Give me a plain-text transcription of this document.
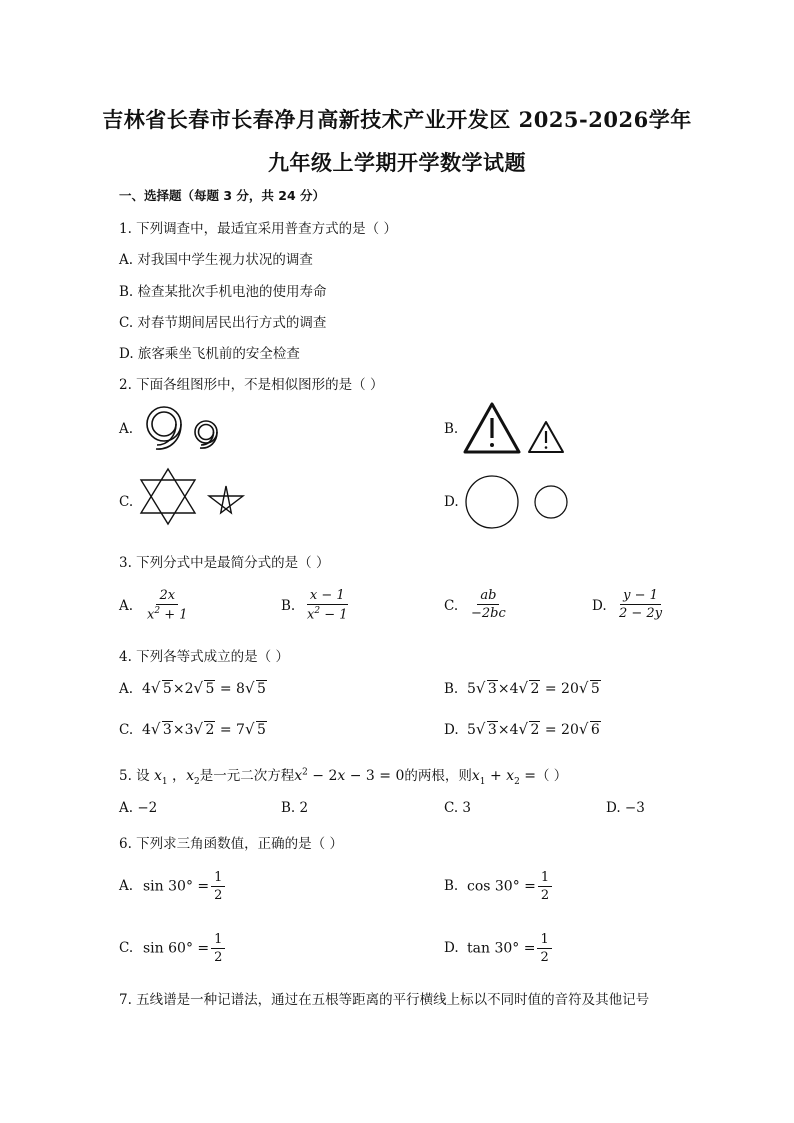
吉林省长春市长春净月高新技术产业开发区 2025-2026学年
九年级上学期开学数学试题
一、选择题（每题 3 分，共 24 分）
1. 下列调查中，最适宜采用普查方式的是（ ）
A. 对我国中学生视力状况的调查
B. 检查某批次手机电池的使用寿命
C. 对春节期间居民出行方式的调查
D. 旅客乘坐飞机前的安全检查
2. 下面各组图形中，不是相似图形的是（ ）
A.	B.
C.	D.
3. 下列分式中是最简分式的是（ ）
A. $\frac{2x}{x^2 + 1}$	B. $\frac{x - 1}{x^2 - 1}$	C. $\frac{ab}{-2bc}$	D. $\frac{y - 1}{2 - 2y}$
4. 下列各等式成立的是（ ）
A. 4 √ 5×2 √ 5 = 8 √ 5	B. 5 √ 3×4 √ 2 = 20 √ 5
C. 4 √ 3×3 √ 2 = 7 √ 5	D. 5 √ 3×4 √ 2 = 20 √ 6
5. 设 $x_1$ ，$x_2$是一元二次方程$x^2 - 2x - 3 = 0$的两根，则$x_1 + x_2$ =（ ）
A. −2	B. 2	C. 3	D. −3
6. 下列求三角函数值，正确的是（ ）
A. $\sin 30^\circ = \frac{1}{2}$	B. $\cos 30^\circ = \frac{1}{2}$
C. $\sin 60^\circ = \frac{1}{2}$	D. $\tan 30^\circ = \frac{1}{2}$
7. 五线谱是一种记谱法，通过在五根等距离的平行横线上标以不同时值的音符及其他记号
